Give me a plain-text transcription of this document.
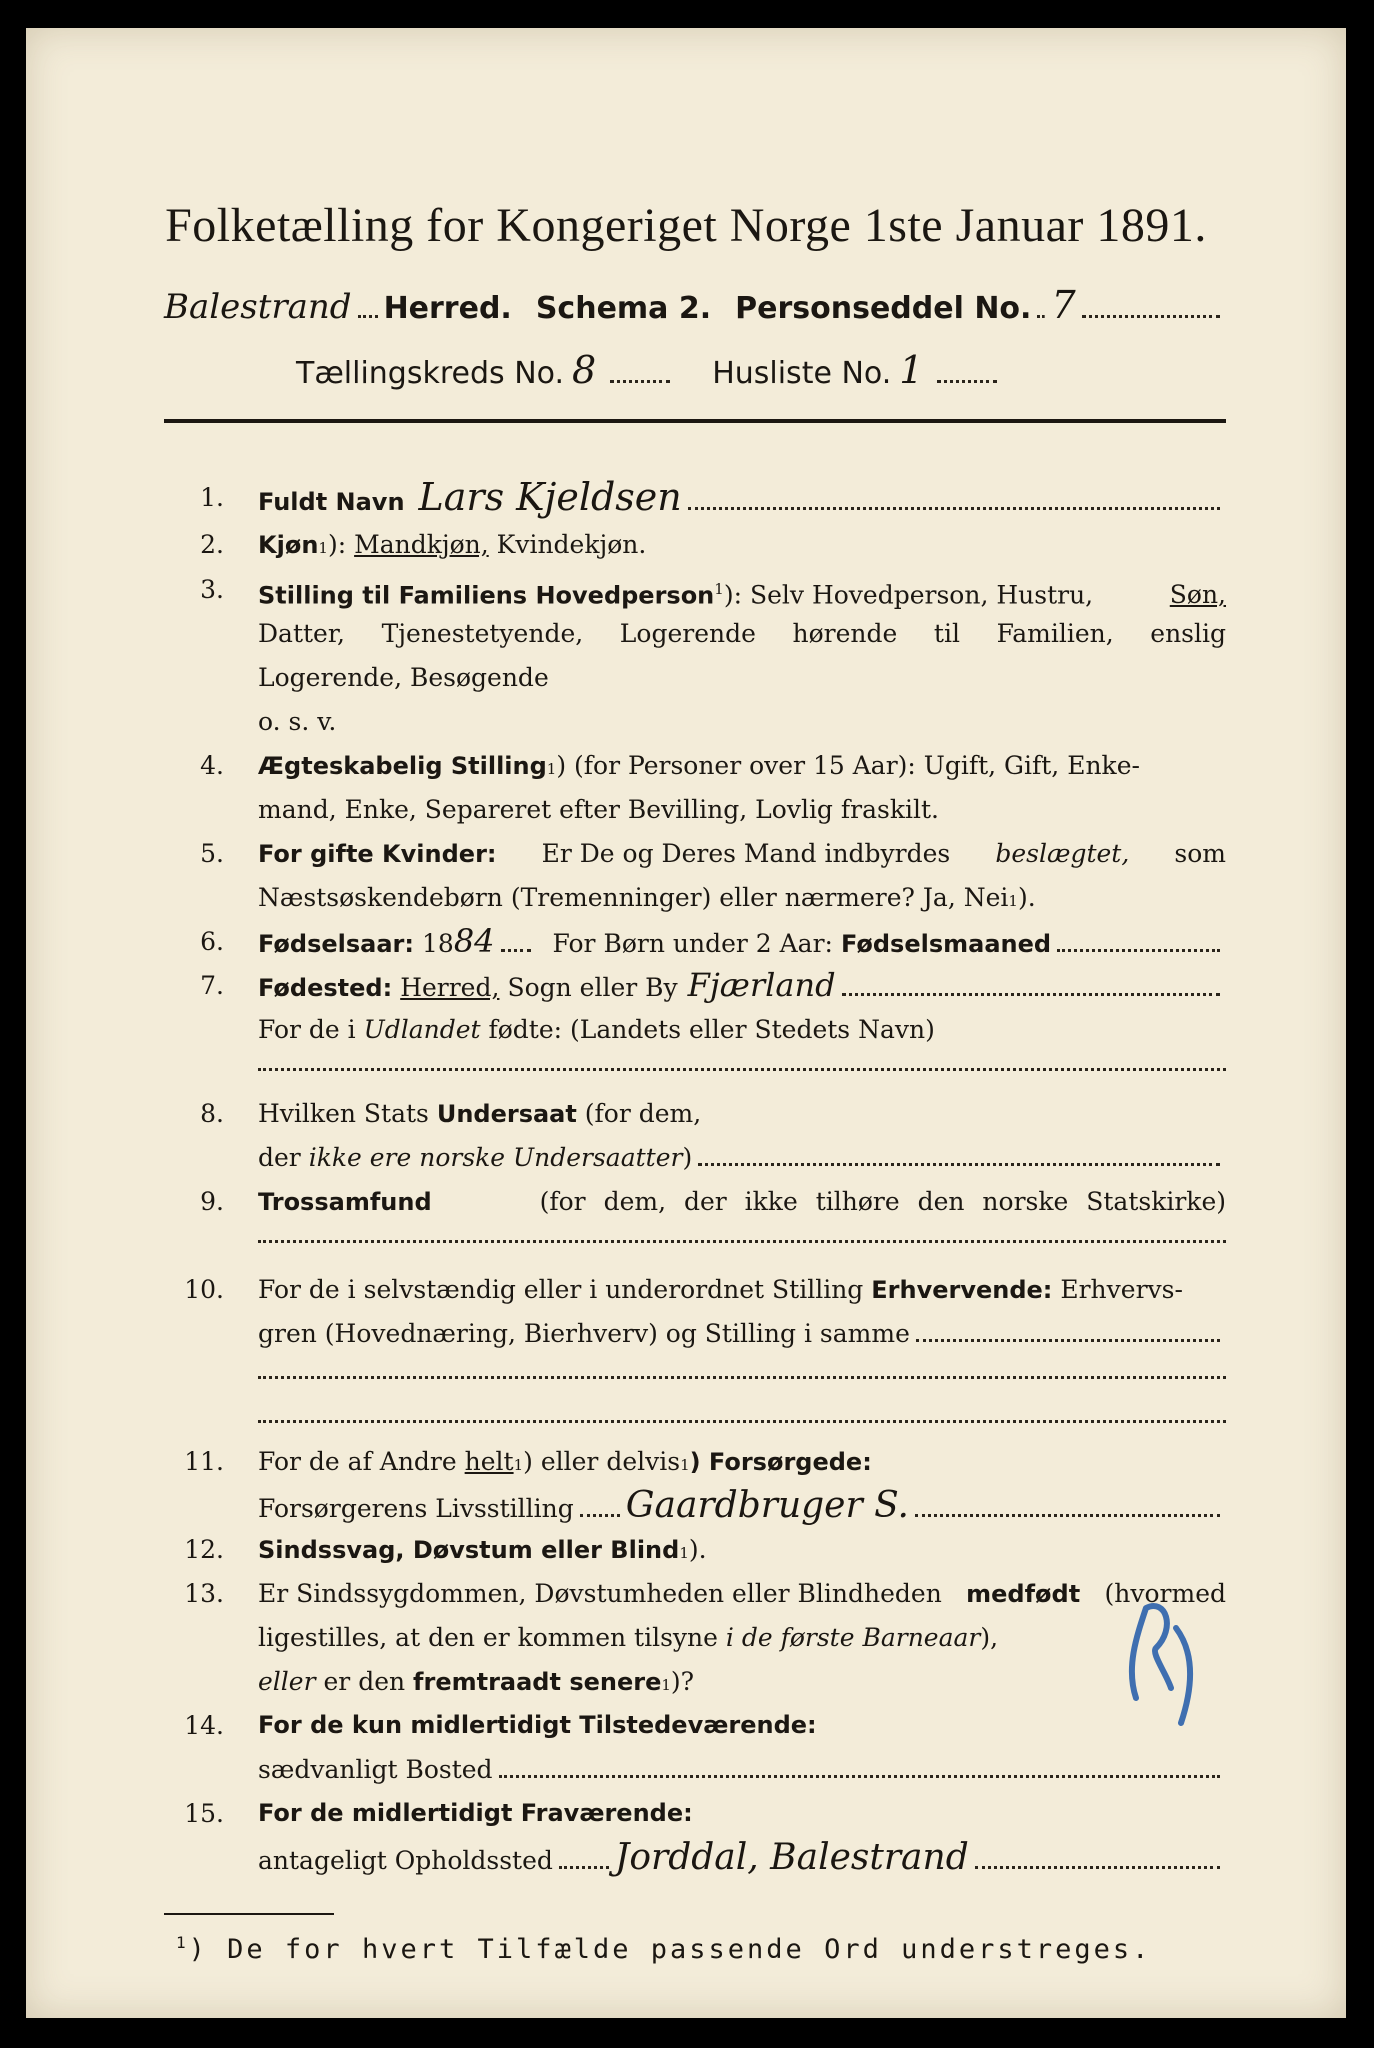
Folketælling for Kongeriget Norge 1ste Januar 1891.
Balestrand Herred. Schema 2. Personseddel No. 7
Tællingskreds No. 8	Husliste No. 1
1. Fuldt Navn Lars Kjeldsen
2. Kjøn 1 ):
Mandkjøn,
Kvindekjøn.
3. Stilling til Familiens Hovedperson$^1$): Selv Hovedperson, Hustru,	Søn,
Datter, Tjenestetyende, Logerende hørende til Familien, enslig
Logerende, Besøgende
o. s. v.
4. Ægteskabelig Stilling 1 ) (for Personer over 15 Aar): Ugift, Gift, Enke-
mand, Enke, Separeret efter Bevilling, Lovlig fraskilt.
5. For gifte Kvinder: Er De og Deres Mand indbyrdes beslægtet, som
Næstsøskendebørn (Tremenninger) eller nærmere? Ja, Nei 1 ).
6. Fødselsaar: 18 84 For Børn under 2 Aar: Fødselsmaaned
7. Fødested: Herred, Sogn eller By Fjærland
For de i
Udlandet
fødte: (Landets eller Stedets Navn)
8. Hvilken Stats
Undersaat
(for dem,
der
ikke ere norske Undersaatter )
9. Trossamfund	(for dem, der ikke tilhøre den norske Statskirke)
10. For de i selvstændig eller i underordnet Stilling
Erhvervende:
Erhvervs-
gren (Hovednæring, Bierhverv) og Stilling i samme
11. For de af Andre
helt 1 ) eller delvis 1 ) Forsørgede:
Forsørgerens Livsstilling Gaardbruger S.
12. Sindssvag, Døvstum eller Blind 1 ).
13. Er Sindssygdommen, Døvstumheden eller Blindheden medfødt (hvormed
ligestilles, at den er kommen tilsyne
i de første Barneaar ),
eller
er den
fremtraadt senere 1 )?
14. For de kun midlertidigt Tilstedeværende:
sædvanligt Bosted
15. For de midlertidigt Fraværende:
antageligt Opholdssted Jorddal, Balestrand
$^1$) De for hvert Tilfælde passende Ord understreges.
